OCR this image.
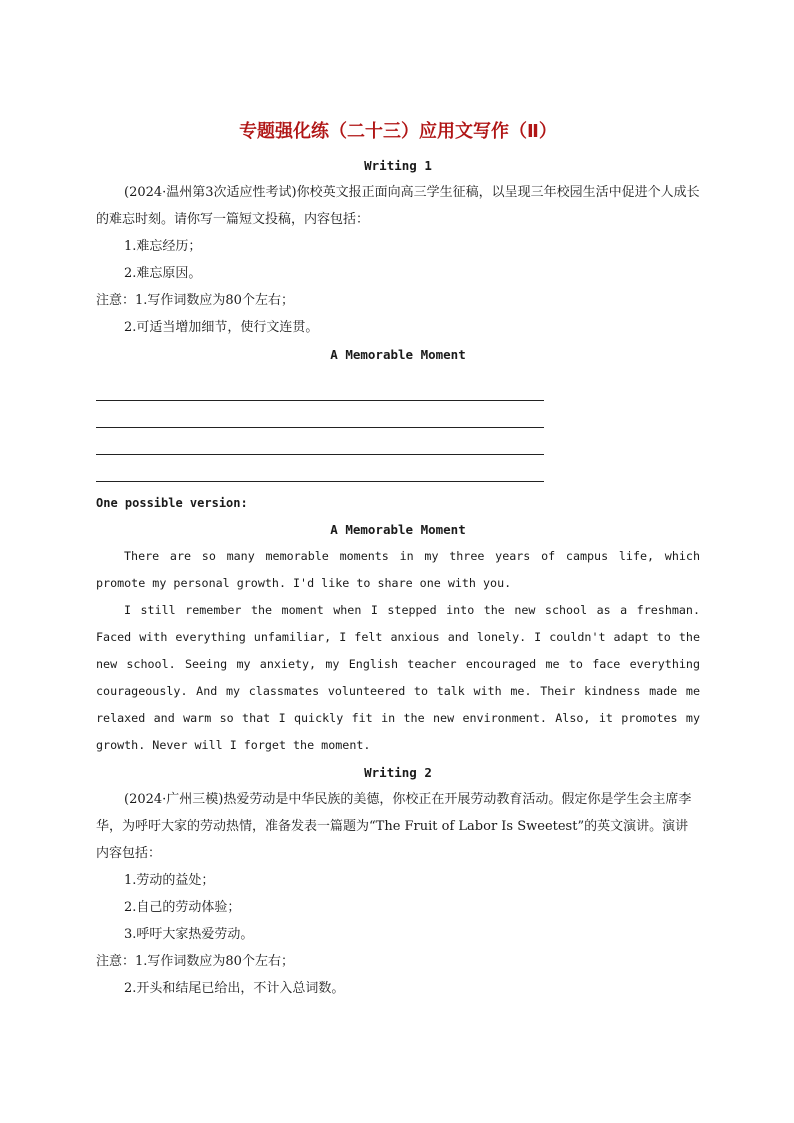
专题强化练（二十三）应用文写作（Ⅱ）
Writing 1

(2024·温州第3次适应性考试)你校英文报正面向高三学生征稿，以呈现三年校园生活中促进个人成长的难忘时刻。请你写一篇短文投稿，内容包括：

1.难忘经历；

2.难忘原因。

注意：1.写作词数应为80个左右；

2.可适当增加细节，使行文连贯。

A Memorable Moment
One possible version:
A Memorable Moment

There are so many memorable moments in my three years of campus life, which promote my personal growth. I'd like to share one with you.

I still remember the moment when I stepped into the new school as a freshman. Faced with everything unfamiliar, I felt anxious and lonely. I couldn't adapt to the new school. Seeing my anxiety, my English teacher encouraged me to face everything courageously. And my classmates volunteered to talk with me. Their kindness made me relaxed and warm so that I quickly fit in the new environment. Also, it promotes my growth. Never will I forget the moment.

Writing 2

(2024·广州三模)热爱劳动是中华民族的美德，你校正在开展劳动教育活动。假定你是学生会主席李华，为呼吁大家的劳动热情，准备发表一篇题为“The Fruit of Labor Is Sweetest”的英文演讲。演讲内容包括：

1.劳动的益处；

2.自己的劳动体验；

3.呼吁大家热爱劳动。

注意：1.写作词数应为80个左右；

2.开头和结尾已给出，不计入总词数。
